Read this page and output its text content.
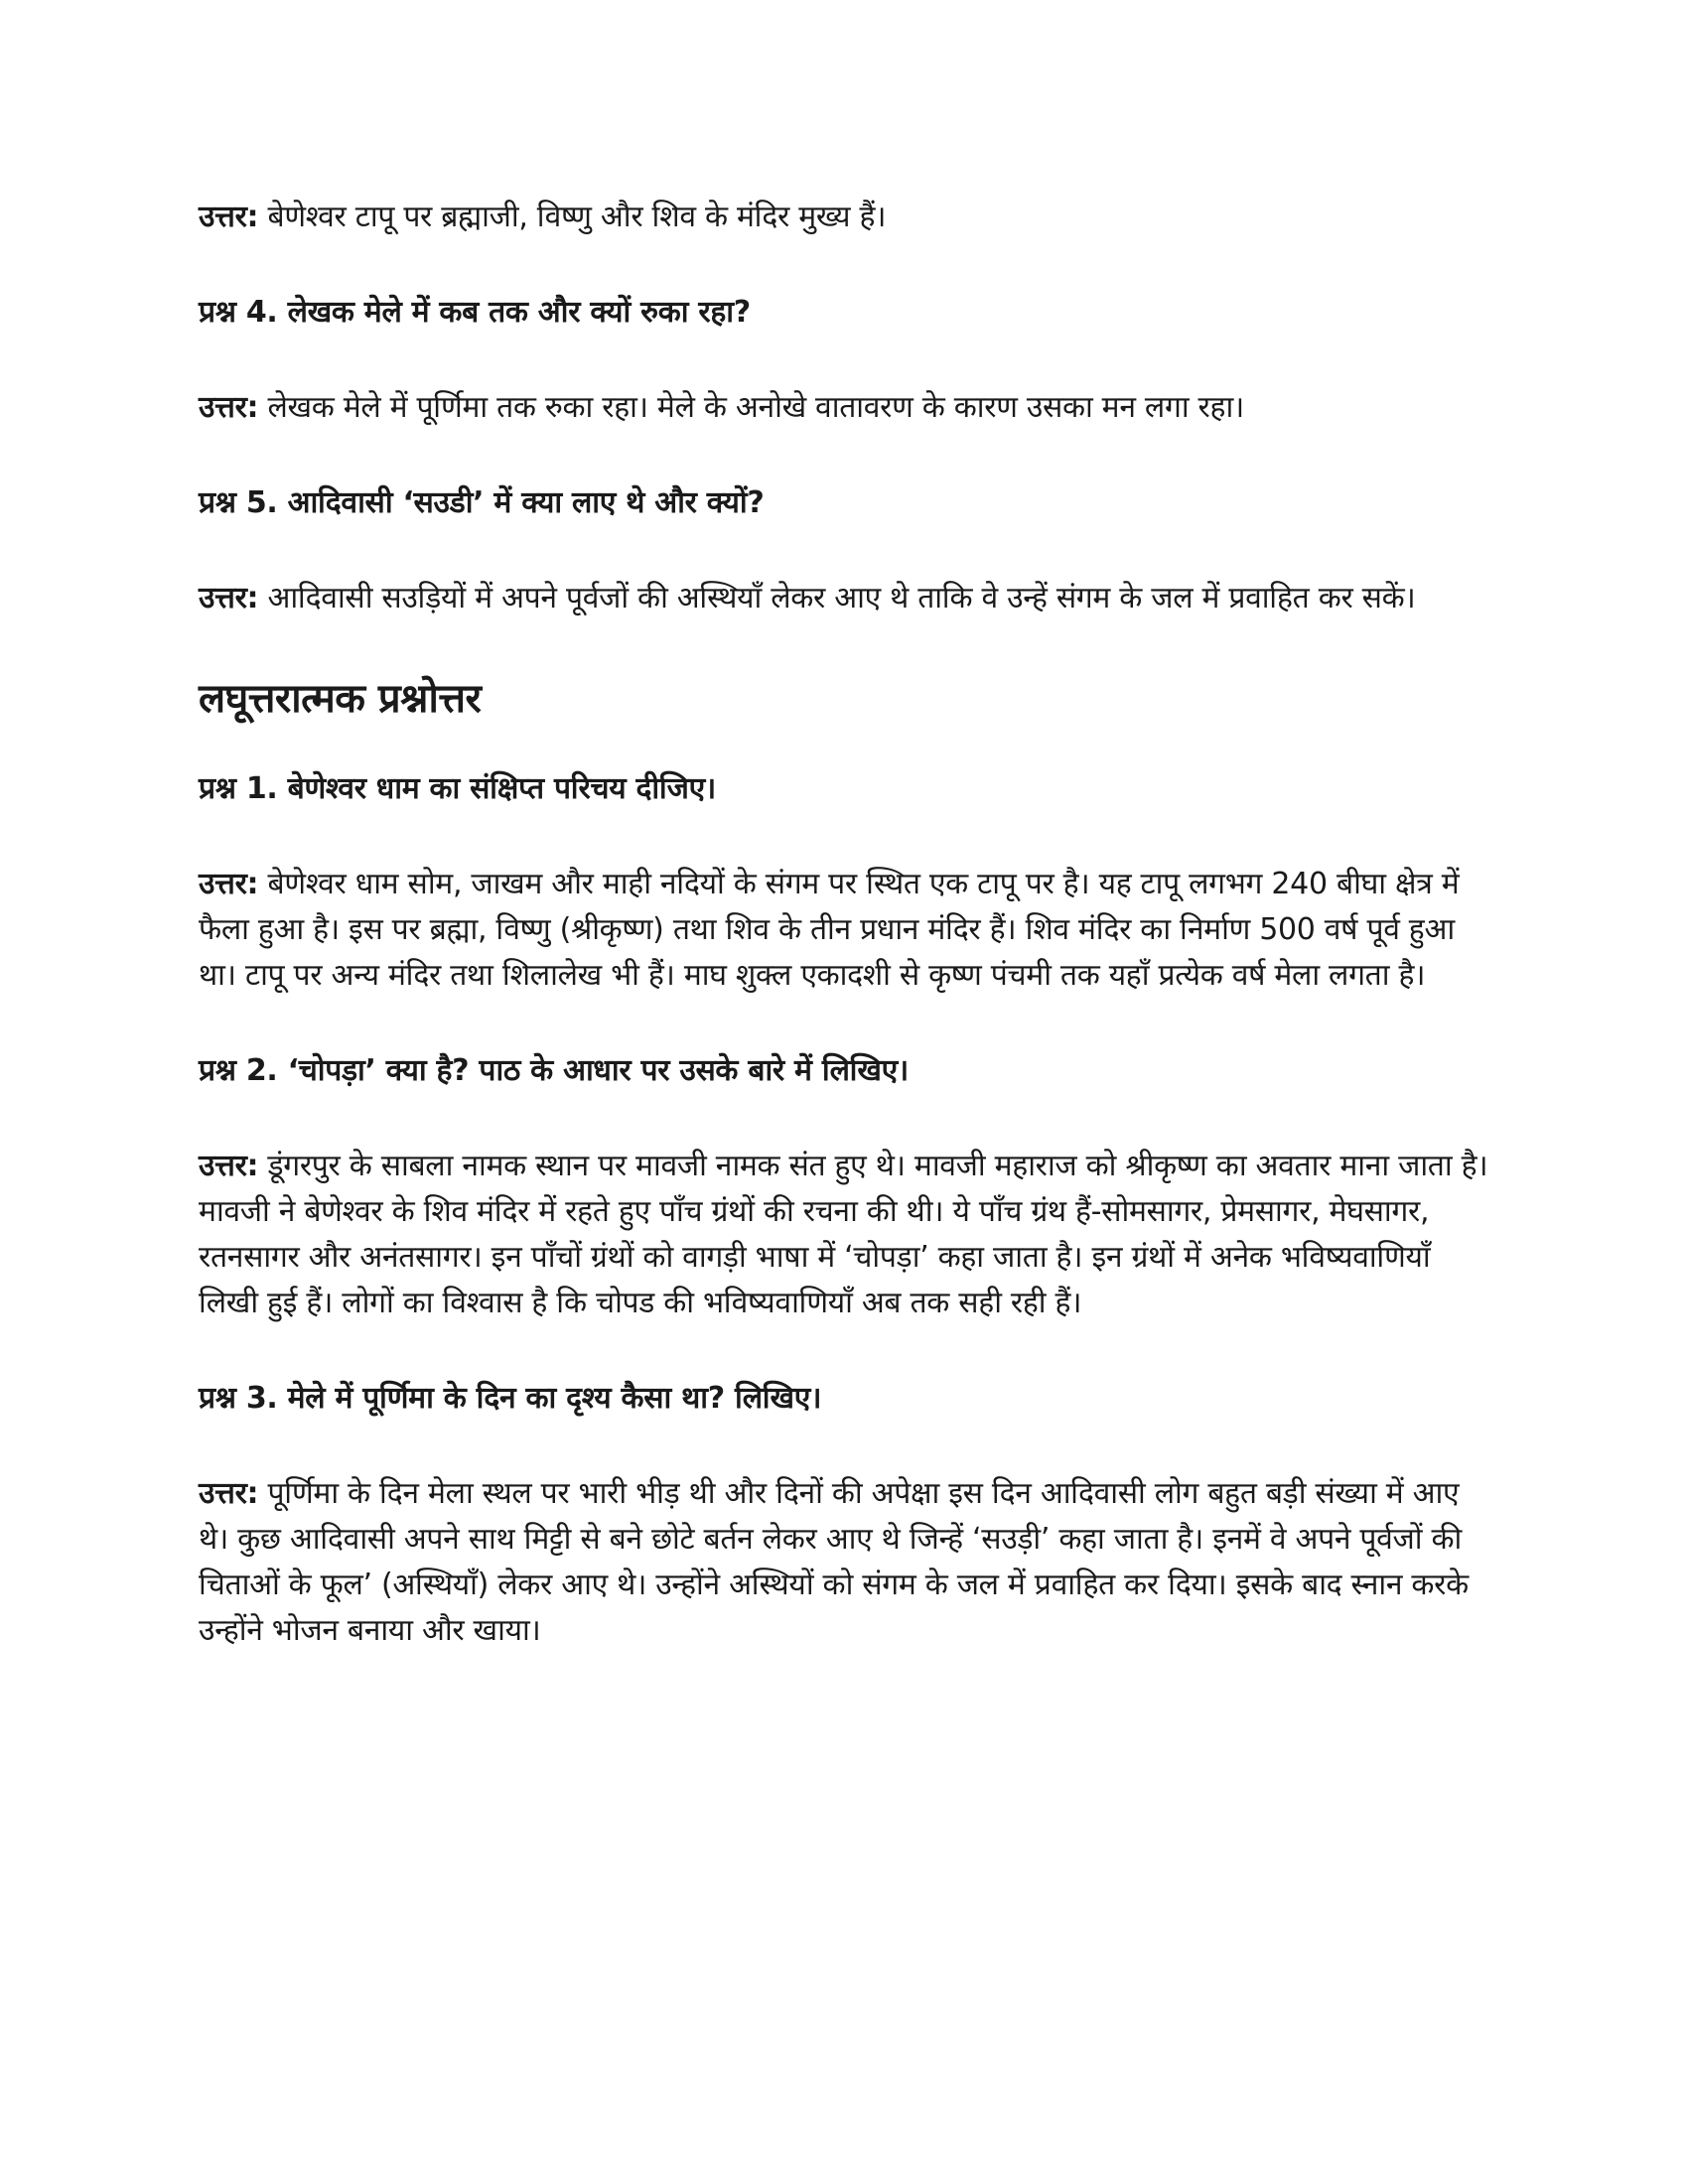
उत्तर: बेणेश्वर टापू पर ब्रह्माजी, विष्णु और शिव के मंदिर मुख्य हैं।

प्रश्न 4. लेखक मेले में कब तक और क्यों रुका रहा?

उत्तर: लेखक मेले में पूर्णिमा तक रुका रहा। मेले के अनोखे वातावरण के कारण उसका मन लगा रहा।

प्रश्न 5. आदिवासी ‘सउडी’ में क्या लाए थे और क्यों?

उत्तर: आदिवासी सउड़ियों में अपने पूर्वजों की अस्थियाँ लेकर आए थे ताकि वे उन्हें संगम के जल में प्रवाहित कर सकें।

लघूत्तरात्मक प्रश्नोत्तर

प्रश्न 1. बेणेश्वर धाम का संक्षिप्त परिचय दीजिए।

उत्तर: बेणेश्वर धाम सोम, जाखम और माही नदियों के संगम पर स्थित एक टापू पर है। यह टापू लगभग 240 बीघा क्षेत्र में फैला हुआ है। इस पर ब्रह्मा, विष्णु (श्रीकृष्ण) तथा शिव के तीन प्रधान मंदिर हैं। शिव मंदिर का निर्माण 500 वर्ष पूर्व हुआ था। टापू पर अन्य मंदिर तथा शिलालेख भी हैं। माघ शुक्ल एकादशी से कृष्ण पंचमी तक यहाँ प्रत्येक वर्ष मेला लगता है।

प्रश्न 2. ‘चोपड़ा’ क्या है? पाठ के आधार पर उसके बारे में लिखिए।

उत्तर: डूंगरपुर के साबला नामक स्थान पर मावजी नामक संत हुए थे। मावजी महाराज को श्रीकृष्ण का अवतार माना जाता है। मावजी ने बेणेश्वर के शिव मंदिर में रहते हुए पाँच ग्रंथों की रचना की थी। ये पाँच ग्रंथ हैं-सोमसागर, प्रेमसागर, मेघसागर, रतनसागर और अनंतसागर। इन पाँचों ग्रंथों को वागड़ी भाषा में ‘चोपड़ा’ कहा जाता है। इन ग्रंथों में अनेक भविष्यवाणियाँ लिखी हुई हैं। लोगों का विश्वास है कि चोपड की भविष्यवाणियाँ अब तक सही रही हैं।

प्रश्न 3. मेले में पूर्णिमा के दिन का दृश्य कैसा था? लिखिए।

उत्तर: पूर्णिमा के दिन मेला स्थल पर भारी भीड़ थी और दिनों की अपेक्षा इस दिन आदिवासी लोग बहुत बड़ी संख्या में आए थे। कुछ आदिवासी अपने साथ मिट्टी से बने छोटे बर्तन लेकर आए थे जिन्हें ‘सउड़ी’ कहा जाता है। इनमें वे अपने पूर्वजों की चिताओं के फूल’ (अस्थियाँ) लेकर आए थे। उन्होंने अस्थियों को संगम के जल में प्रवाहित कर दिया। इसके बाद स्नान करके उन्होंने भोजन बनाया और खाया।
